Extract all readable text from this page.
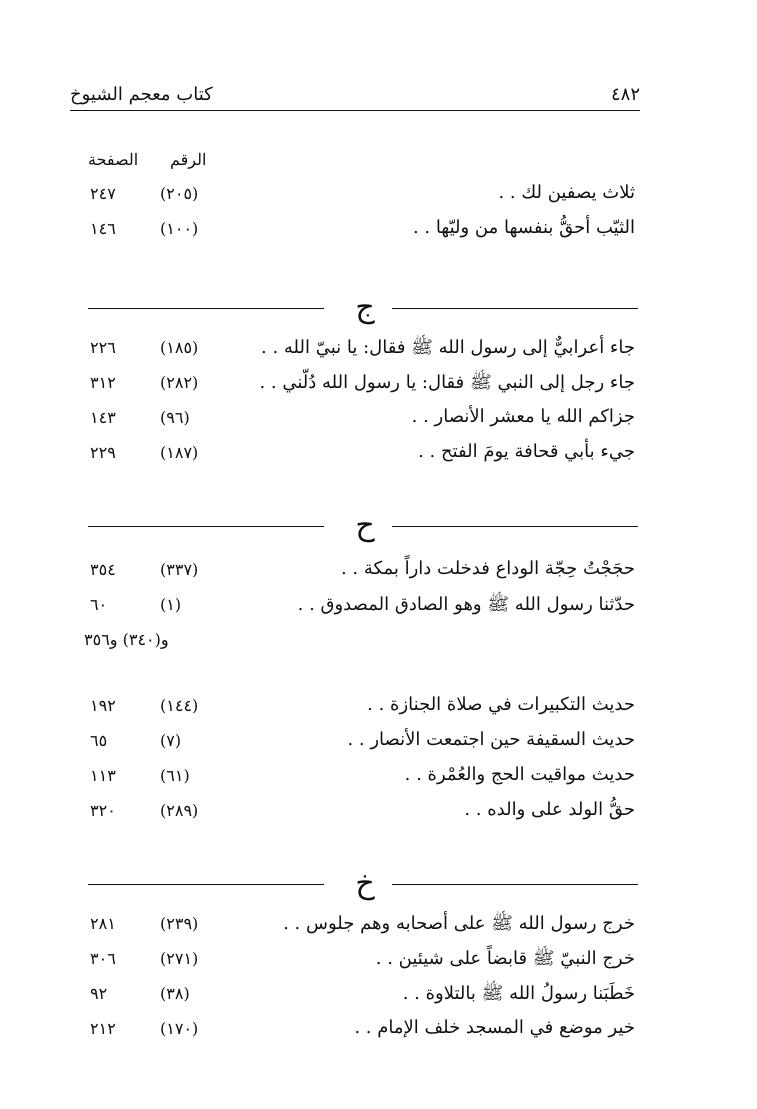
كتاب معجم الشيوخ	٤٨٢
الصفحة الرقم
ثلاث يصفين لك . .
(٢٠٥)
٢٤٧
الثيّب أحقُّ بنفسها من وليّها . .
(١٠٠)
١٤٦
ج
جاء أعرابيٌّ إلى رسول الله ﷺ فقال: يا نبيّ الله . .
(١٨٥)
٢٢٦
جاء رجل إلى النبي ﷺ فقال: يا رسول الله دُلّني . .
(٢٨٢)
٣١٢
جزاكم الله يا معشر الأنصار . .
(٩٦)
١٤٣
جيء بأبي قحافة يومَ الفتح . .
(١٨٧)
٢٢٩
ح
حجَجْتُ حِجّة الوداع فدخلت داراً بمكة . .
(٣٣٧)
٣٥٤
حدّثنا رسول الله ﷺ وهو الصادق المصدوق . .
(١)
٦٠
و(٣٤٠) و٣٥٦
حديث التكبيرات في صلاة الجنازة . .
(١٤٤)
١٩٢
حديث السقيفة حين اجتمعت الأنصار . .
(٧)
٦٥
حديث مواقيت الحج والعُمْرة . .
(٦١)
١١٣
حقُّ الولد على والده . .
(٢٨٩)
٣٢٠
خ
خرج رسول الله ﷺ على أصحابه وهم جلوس . .
(٢٣٩)
٢٨١
خرج النبيّ ﷺ قابضاً على شيئين . .
(٢٧١)
٣٠٦
خَطَبَنا رسولُ الله ﷺ بالتلاوة . .
(٣٨)
٩٢
خير موضع في المسجد خلف الإمام . .
(١٧٠)
٢١٢
